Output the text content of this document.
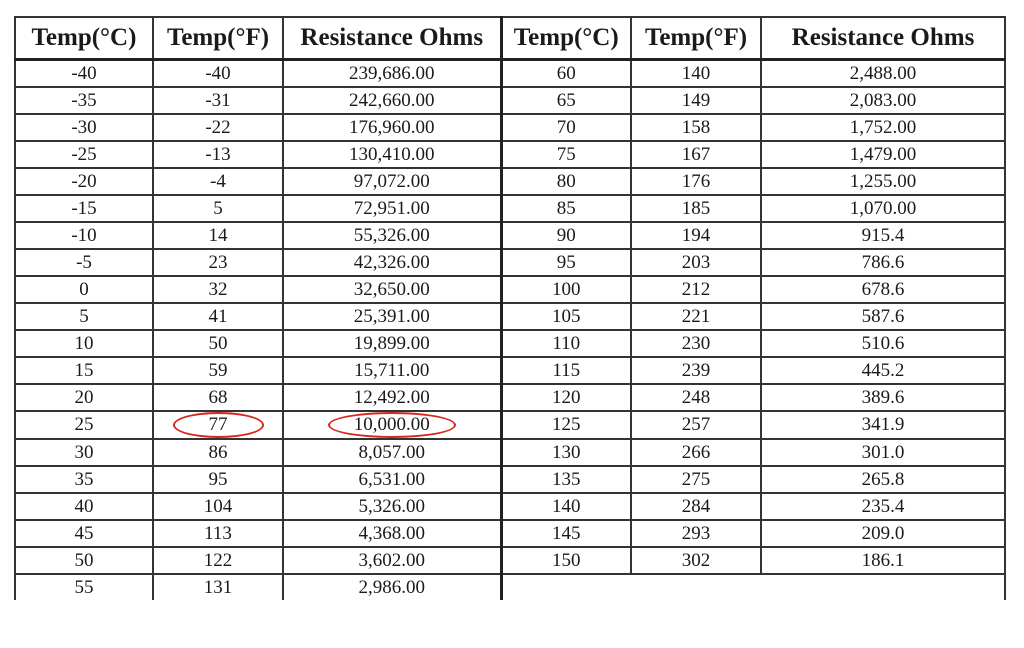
Temp(°C)	Temp(°F)	Resistance Ohms	Temp(°C)	Temp(°F)	Resistance Ohms
-40	-40	239,686.00	60	140	2,488.00
-35	-31	242,660.00	65	149	2,083.00
-30	-22	176,960.00	70	158	1,752.00
-25	-13	130,410.00	75	167	1,479.00
-20	-4	97,072.00	80	176	1,255.00
-15	5	72,951.00	85	185	1,070.00
-10	14	55,326.00	90	194	915.4
-5	23	42,326.00	95	203	786.6
0	32	32,650.00	100	212	678.6
5	41	25,391.00	105	221	587.6
10	50	19,899.00	110	230	510.6
15	59	15,711.00	115	239	445.2
20	68	12,492.00	120	248	389.6
25	77	10,000.00	125	257	341.9
30	86	8,057.00	130	266	301.0
35	95	6,531.00	135	275	265.8
40	104	5,326.00	140	284	235.4
45	113	4,368.00	145	293	209.0
50	122	3,602.00	150	302	186.1
55	131	2,986.00			
